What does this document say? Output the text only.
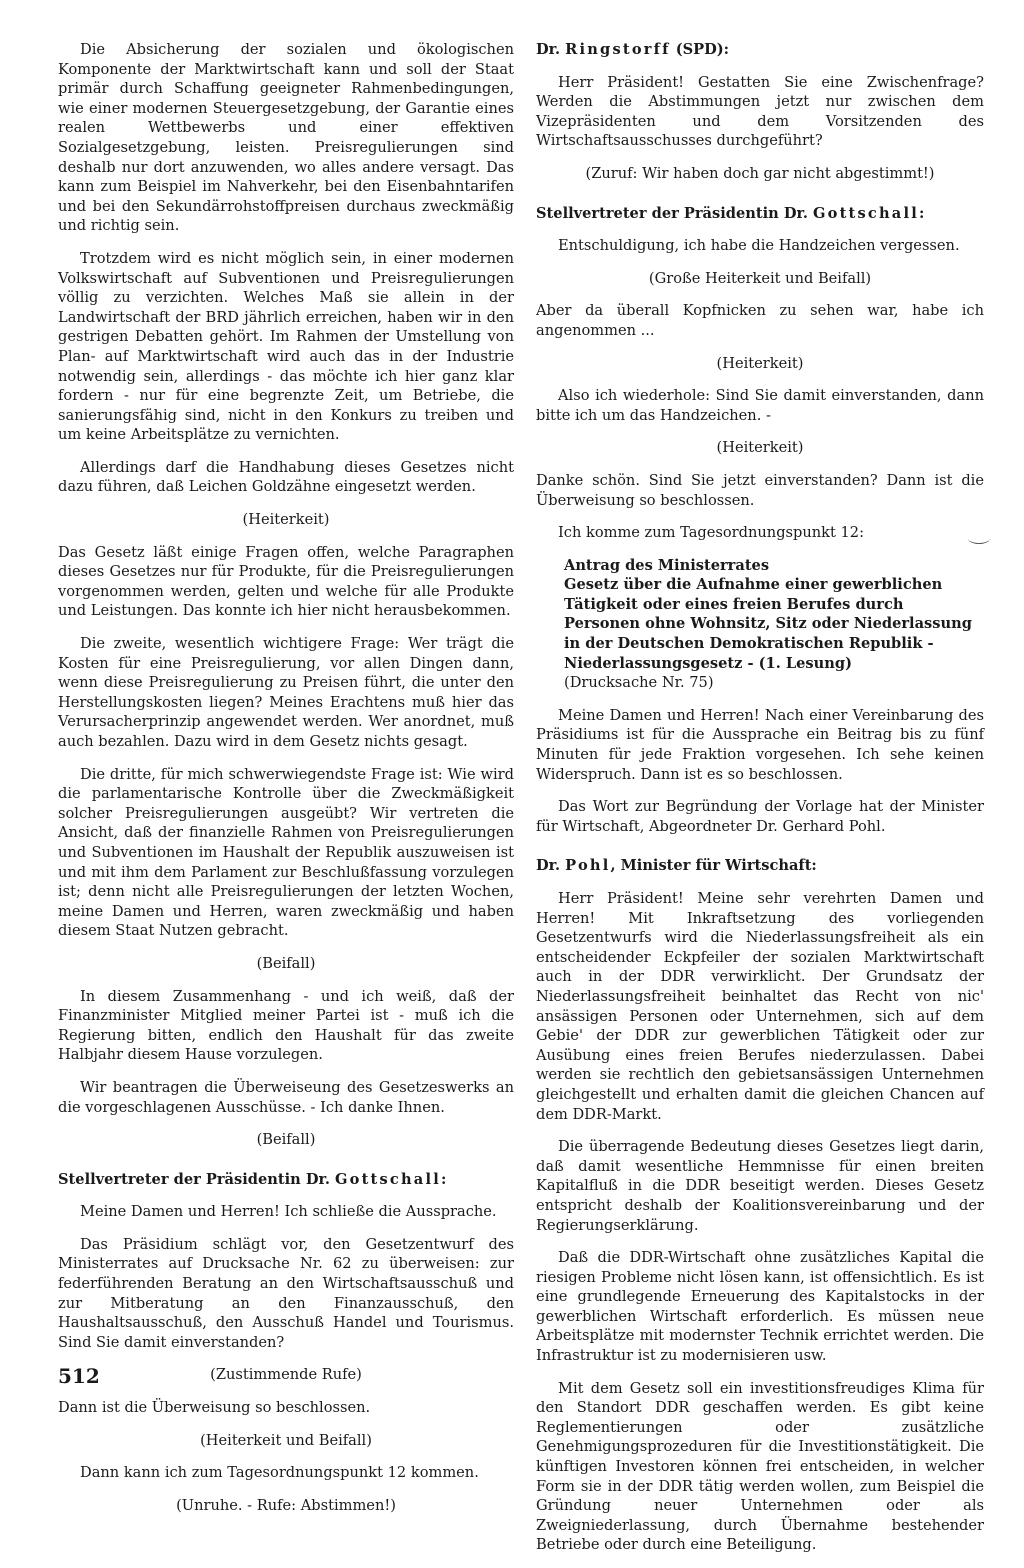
Die Absicherung der sozialen und ökologischen Komponente der Marktwirtschaft kann und soll der Staat primär durch Schaffung geeigneter Rahmenbedingungen, wie einer modernen Steuergesetzgebung, der Garantie eines realen Wettbewerbs und einer effektiven Sozialgesetzgebung, leisten. Preisregulierungen sind deshalb nur dort anzuwenden, wo alles andere versagt. Das kann zum Beispiel im Nahverkehr, bei den Eisenbahntarifen und bei den Sekundärrohstoffpreisen durchaus zweckmäßig und richtig sein.

Trotzdem wird es nicht möglich sein, in einer modernen Volkswirtschaft auf Subventionen und Preisregulierungen völlig zu verzichten. Welches Maß sie allein in der Landwirtschaft der BRD jährlich erreichen, haben wir in den gestrigen Debatten gehört. Im Rahmen der Umstellung von Plan- auf Marktwirtschaft wird auch das in der Industrie notwendig sein, allerdings - das möchte ich hier ganz klar fordern - nur für eine begrenzte Zeit, um Betriebe, die sanierungsfähig sind, nicht in den Konkurs zu treiben und um keine Arbeitsplätze zu vernichten.

Allerdings darf die Handhabung dieses Gesetzes nicht dazu führen, daß Leichen Goldzähne eingesetzt werden.

(Heiterkeit)

Das Gesetz läßt einige Fragen offen, welche Paragraphen dieses Gesetzes nur für Produkte, für die Preisregulierungen vorgenommen werden, gelten und welche für alle Produkte und Leistungen. Das konnte ich hier nicht herausbekommen.

Die zweite, wesentlich wichtigere Frage: Wer trägt die Kosten für eine Preisregulierung, vor allen Dingen dann, wenn diese Preisregulierung zu Preisen führt, die unter den Herstellungskosten liegen? Meines Erachtens muß hier das Verursacherprinzip angewendet werden. Wer anordnet, muß auch bezahlen. Dazu wird in dem Gesetz nichts gesagt.

Die dritte, für mich schwerwiegendste Frage ist: Wie wird die parlamentarische Kontrolle über die Zweckmäßigkeit solcher Preisregulierungen ausgeübt? Wir vertreten die Ansicht, daß der finanzielle Rahmen von Preisregulierungen und Subventionen im Haushalt der Republik auszuweisen ist und mit ihm dem Parlament zur Beschlußfassung vorzulegen ist; denn nicht alle Preisregulierungen der letzten Wochen, meine Damen und Herren, waren zweckmäßig und haben diesem Staat Nutzen gebracht.

(Beifall)

In diesem Zusammenhang - und ich weiß, daß der Finanzminister Mitglied meiner Partei ist - muß ich die Regierung bitten, endlich den Haushalt für das zweite Halbjahr diesem Hause vorzulegen.

Wir beantragen die Überweiseung des Gesetzeswerks an die vorgeschlagenen Ausschüsse. - Ich danke Ihnen.

(Beifall)

Stellvertreter der Präsidentin Dr. Gottschall:

Meine Damen und Herren! Ich schließe die Aussprache.

Das Präsidium schlägt vor, den Gesetzentwurf des Ministerrates auf Drucksache Nr. 62 zu überweisen: zur federführenden Beratung an den Wirtschaftsausschuß und zur Mitberatung an den Finanzausschuß, den Haushaltsausschuß, den Ausschuß Handel und Tourismus. Sind Sie damit einverstanden?

(Zustimmende Rufe)

Dann ist die Überweisung so beschlossen.

(Heiterkeit und Beifall)

Dann kann ich zum Tagesordnungspunkt 12 kommen.

(Unruhe. - Rufe: Abstimmen!)

Dr. Ringstorff (SPD):

Herr Präsident! Gestatten Sie eine Zwischenfrage? Werden die Abstimmungen jetzt nur zwischen dem Vizepräsidenten und dem Vorsitzenden des Wirtschaftsausschusses durchgeführt?

(Zuruf: Wir haben doch gar nicht abgestimmt!)

Stellvertreter der Präsidentin Dr. Gottschall:

Entschuldigung, ich habe die Handzeichen vergessen.

(Große Heiterkeit und Beifall)

Aber da überall Kopfnicken zu sehen war, habe ich angenommen ...

(Heiterkeit)

Also ich wiederhole: Sind Sie damit einverstanden, dann bitte ich um das Handzeichen. -

(Heiterkeit)

Danke schön. Sind Sie jetzt einverstanden? Dann ist die Überweisung so beschlossen.

Ich komme zum Tagesordnungspunkt 12:

Antrag des Ministerrates
Gesetz über die Aufnahme einer gewerblichen Tätigkeit oder eines freien Berufes durch Personen ohne Wohnsitz, Sitz oder Niederlassung in der Deutschen Demokratischen Republik - Niederlassungsgesetz - (1. Lesung)
(Drucksache Nr. 75)

Meine Damen und Herren! Nach einer Vereinbarung des Präsidiums ist für die Aussprache ein Beitrag bis zu fünf Minuten für jede Fraktion vorgesehen. Ich sehe keinen Widerspruch. Dann ist es so beschlossen.

Das Wort zur Begründung der Vorlage hat der Minister für Wirtschaft, Abgeordneter Dr. Gerhard Pohl.

Dr. Pohl, Minister für Wirtschaft:

Herr Präsident! Meine sehr verehrten Damen und Herren! Mit Inkraftsetzung des vorliegenden Gesetzentwurfs wird die Niederlassungsfreiheit als ein entscheidender Eckpfeiler der sozialen Marktwirtschaft auch in der DDR verwirklicht. Der Grundsatz der Niederlassungsfreiheit beinhaltet das Recht von nic' ansässigen Personen oder Unternehmen, sich auf dem Gebie' der DDR zur gewerblichen Tätigkeit oder zur Ausübung eines freien Berufes niederzulassen. Dabei werden sie rechtlich den gebietsansässigen Unternehmen gleichgestellt und erhalten damit die gleichen Chancen auf dem DDR-Markt.

Die überragende Bedeutung dieses Gesetzes liegt darin, daß damit wesentliche Hemmnisse für einen breiten Kapitalfluß in die DDR beseitigt werden. Dieses Gesetz entspricht deshalb der Koalitionsvereinbarung und der Regierungserklärung.

Daß die DDR-Wirtschaft ohne zusätzliches Kapital die riesigen Probleme nicht lösen kann, ist offensichtlich. Es ist eine grundlegende Erneuerung des Kapitalstocks in der gewerblichen Wirtschaft erforderlich. Es müssen neue Arbeitsplätze mit modernster Technik errichtet werden. Die Infrastruktur ist zu modernisieren usw.

Mit dem Gesetz soll ein investitionsfreudiges Klima für den Standort DDR geschaffen werden. Es gibt keine Reglementierungen oder zusätzliche Genehmigungsprozeduren für die Investitionstätigkeit. Die künftigen Investoren können frei entscheiden, in welcher Form sie in der DDR tätig werden wollen, zum Beispiel die Gründung neuer Unternehmen oder als Zweigniederlassung, durch Übernahme bestehender Betriebe oder durch eine Beteiligung.

512
